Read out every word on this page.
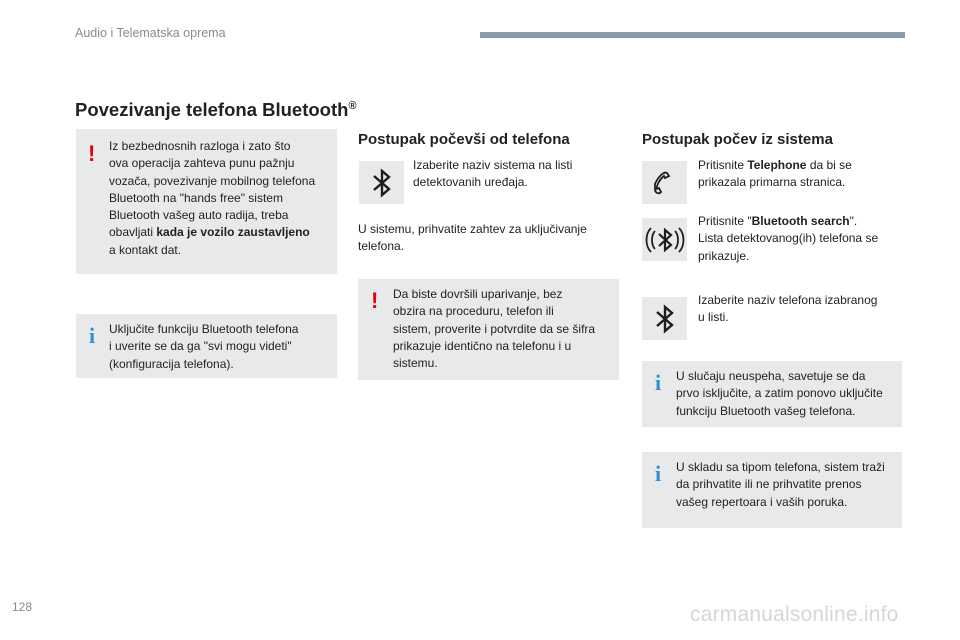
Audio i Telematska oprema
Povezivanje telefona Bluetooth®
! Iz bezbednosnih razloga i zato što
ova operacija zahteva punu pažnju
vozača, povezivanje mobilnog telefona
Bluetooth na "hands free" sistem
Bluetooth vašeg auto radija, treba
obavljati kada je vozilo zaustavljeno
a kontakt dat.
i Uključite funkciju Bluetooth telefona
i uverite se da ga "svi mogu videti"
(konfiguracija telefona).
Postupak počevši od telefona
Izaberite naziv sistema na listi
detektovanih uređaja.
U sistemu, prihvatite zahtev za uključivanje
telefona.
! Da biste dovršili uparivanje, bez
obzira na proceduru, telefon ili
sistem, proverite i potvrdite da se šifra
prikazuje identično na telefonu i u
sistemu.
Postupak počev iz sistema
Pritisnite Telephone da bi se
prikazala primarna stranica.
Pritisnite "Bluetooth search".
Lista detektovanog(ih) telefona se
prikazuje.
Izaberite naziv telefona izabranog
u listi.
i U slučaju neuspeha, savetuje se da
prvo isključite, a zatim ponovo uključite
funkciju Bluetooth vašeg telefona.
i U skladu sa tipom telefona, sistem traži
da prihvatite ili ne prihvatite prenos
vašeg repertoara i vaših poruka.
128	carmanualsonline.info
